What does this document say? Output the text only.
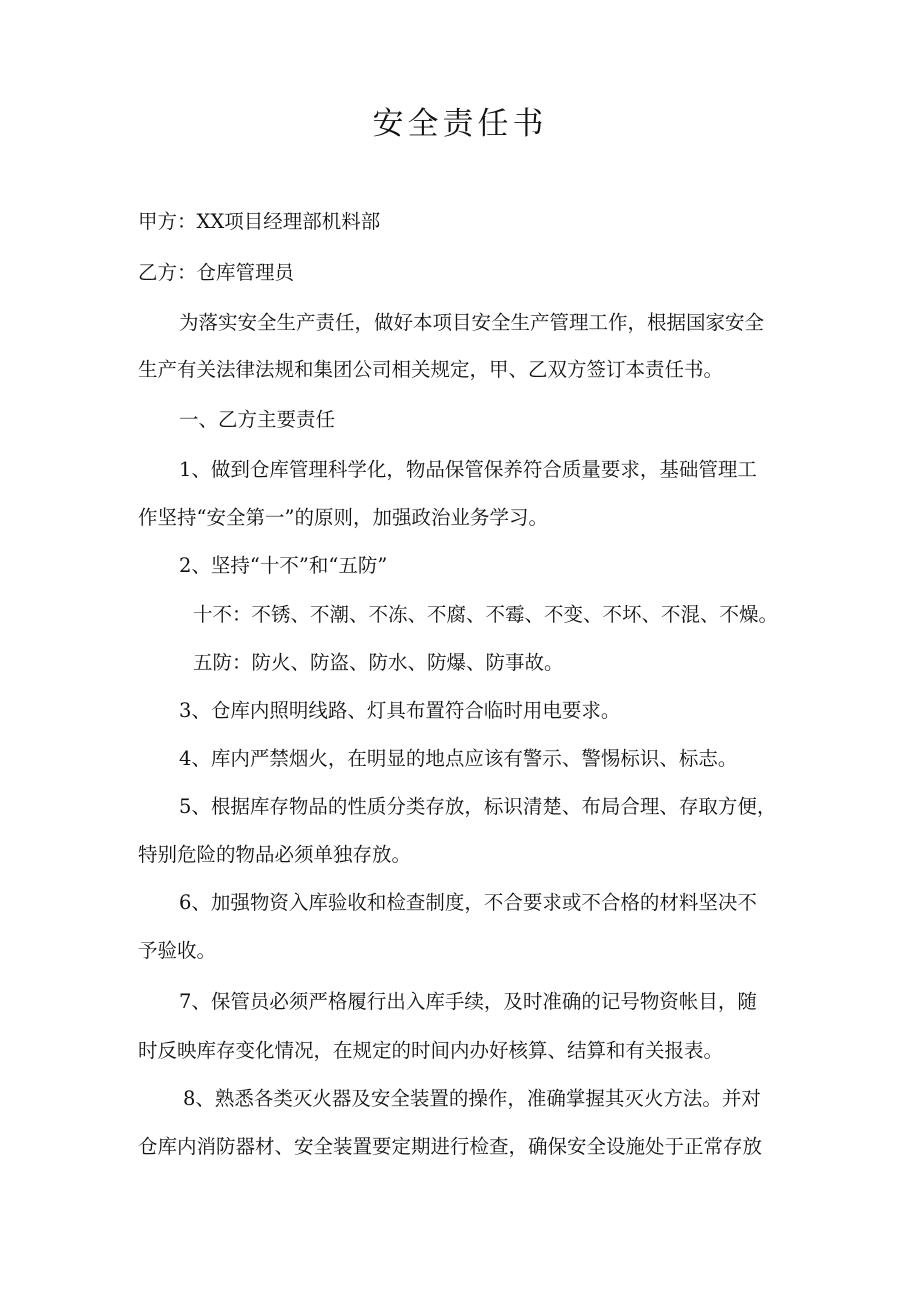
安全责任书
甲方：XX项目经理部机料部
乙方：仓库管理员
为落实安全生产责任，做好本项目安全生产管理工作，根据国家安全
生产有关法律法规和集团公司相关规定，甲、乙双方签订本责任书。
一、乙方主要责任
1、做到仓库管理科学化，物品保管保养符合质量要求，基础管理工
作坚持“安全第一”的原则，加强政治业务学习。
2、坚持“十不”和“五防”
十不：不锈、不潮、不冻、不腐、不霉、不变、不坏、不混、不燥。
五防：防火、防盗、防水、防爆、防事故。
3、仓库内照明线路、灯具布置符合临时用电要求。
4、库内严禁烟火，在明显的地点应该有警示、警惕标识、标志。
5、根据库存物品的性质分类存放，标识清楚、布局合理、存取方便，
特别危险的物品必须单独存放。
6、加强物资入库验收和检查制度，不合要求或不合格的材料坚决不
予验收。
7、保管员必须严格履行出入库手续，及时准确的记号物资帐目，随
时反映库存变化情况，在规定的时间内办好核算、结算和有关报表。
8、熟悉各类灭火器及安全装置的操作，准确掌握其灭火方法。并对
仓库内消防器材、安全装置要定期进行检查，确保安全设施处于正常存放
